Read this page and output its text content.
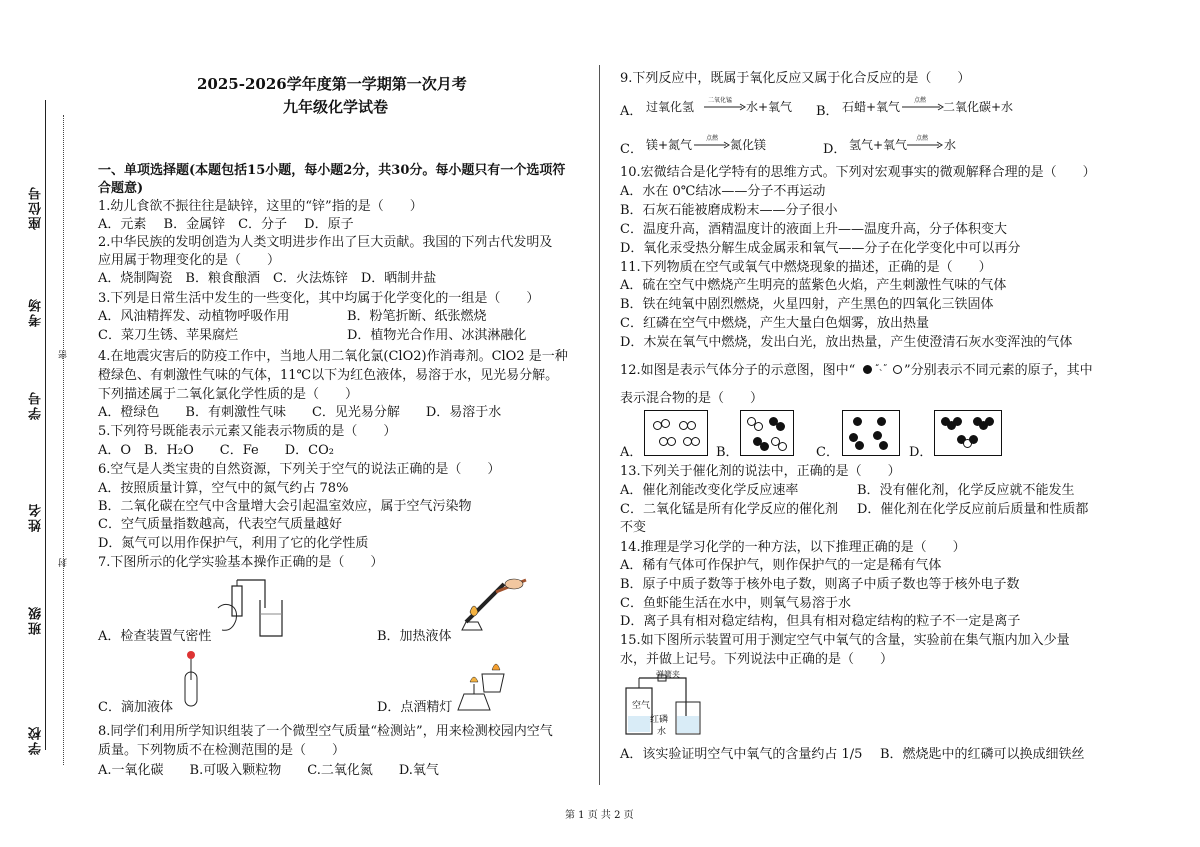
座位号
考场
学号
姓名
班级
学校
密
封
2025-2026学年度第一学期第一次月考
九年级化学试卷
一、单项选择题(本题包括15小题，每小题2分，共30分。每小题只有一个选项符
合题意)
1.幼儿食欲不振往往是缺锌，这里的“锌”指的是（　　）
A．元素　 B．金属锌　C．分子　 D．原子
2.中华民族的发明创造为人类文明进步作出了巨大贡献。我国的下列古代发明及
应用属于物理变化的是（　　）
A．烧制陶瓷　B．粮食酿酒　C．火法炼锌　D．晒制井盐
3.下列是日常生活中发生的一些变化，其中均属于化学变化的一组是（　　）
A．风油精挥发、动植物呼吸作用	B．粉笔折断、纸张燃烧
C．菜刀生锈、苹果腐烂	D．植物光合作用、冰淇淋融化
4.在地震灾害后的防疫工作中，当地人用二氧化氯(ClO2)作消毒剂。ClO2 是一种
橙绿色、有刺激性气味的气体，11℃以下为红色液体，易溶于水，见光易分解。
下列描述属于二氧化氯化学性质的是（　　）
A．橙绿色　　B．有刺激性气味　　C．见光易分解　　D．易溶于水
5.下列符号既能表示元素又能表示物质的是（　　）
A．O　B．H₂O　　C．Fe　　D．CO₂
6.空气是人类宝贵的自然资源，下列关于空气的说法正确的是（　　）
A．按照质量计算，空气中的氮气约占 78%
B．二氧化碳在空气中含量增大会引起温室效应，属于空气污染物
C．空气质量指数越高，代表空气质量越好
D．氮气可以用作保护气，利用了它的化学性质
7.下图所示的化学实验基本操作正确的是（　　）
A．检查装置气密性	B．加热液体
C．滴加液体	D．点酒精灯
8.同学们利用所学知识组装了一个微型空气质量“检测站”，用来检测校园内空气
质量。下列物质不在检测范围的是（　　）
A.一氧化碳　　B.可吸入颗粒物　　C.二氧化氮　　D.氧气
9.下列反应中，既属于氧化反应又属于化合反应的是（　　）
A． 过氧化氢 二氧化锰 水+氧气 B． 石蜡+氧气 点燃 二氧化碳+水
C． 镁+氮气 点燃 氮化镁	D． 氢气+氧气 点燃 水
10.宏微结合是化学特有的思维方式。下列对宏观事实的微观解释合理的是（　　）
A．水在 0℃结冰——分子不再运动
B．石灰石能被磨成粉末——分子很小
C．温度升高，酒精温度计的液面上升——温度升高，分子体积变大
D．氧化汞受热分解生成金属汞和氧气——分子在化学变化中可以再分
11.下列物质在空气或氧气中燃烧现象的描述，正确的是（　　）
A．硫在空气中燃烧产生明亮的蓝紫色火焰，产生刺激性气味的气体
B．铁在纯氧中剧烈燃烧，火星四射，产生黑色的四氧化三铁固体
C．红磷在空气中燃烧，产生大量白色烟雾，放出热量
D．木炭在氧气中燃烧，发出白光，放出热量，产生使澄清石灰水变浑浊的气体
12.如图是表示气体分子的示意图，图中“ “、” ”分别表示不同元素的原子，其中
表示混合物的是（　　）
A．	B．	C．	D．
13.下列关于催化剂的说法中，正确的是（　　）
A．催化剂能改变化学反应速率	B．没有催化剂，化学反应就不能发生
C．二氧化锰是所有化学反应的催化剂 D．催化剂在化学反应前后质量和性质都
不变
14.推理是学习化学的一种方法，以下推理正确的是（　　）
A．稀有气体可作保护气，则作保护气的一定是稀有气体
B．原子中质子数等于核外电子数，则离子中质子数也等于核外电子数
C．鱼虾能生活在水中，则氧气易溶于水
D．离子具有相对稳定结构，但具有相对稳定结构的粒子不一定是离子
15.如下图所示装置可用于测定空气中氧气的含量，实验前在集气瓶内加入少量
水，并做上记号。下列说法中正确的是（　　）
弹簧夹
空气
红磷
水
A．该实验证明空气中氧气的含量约占 1/5 B．燃烧匙中的红磷可以换成细铁丝
第 1 页 共 2 页
